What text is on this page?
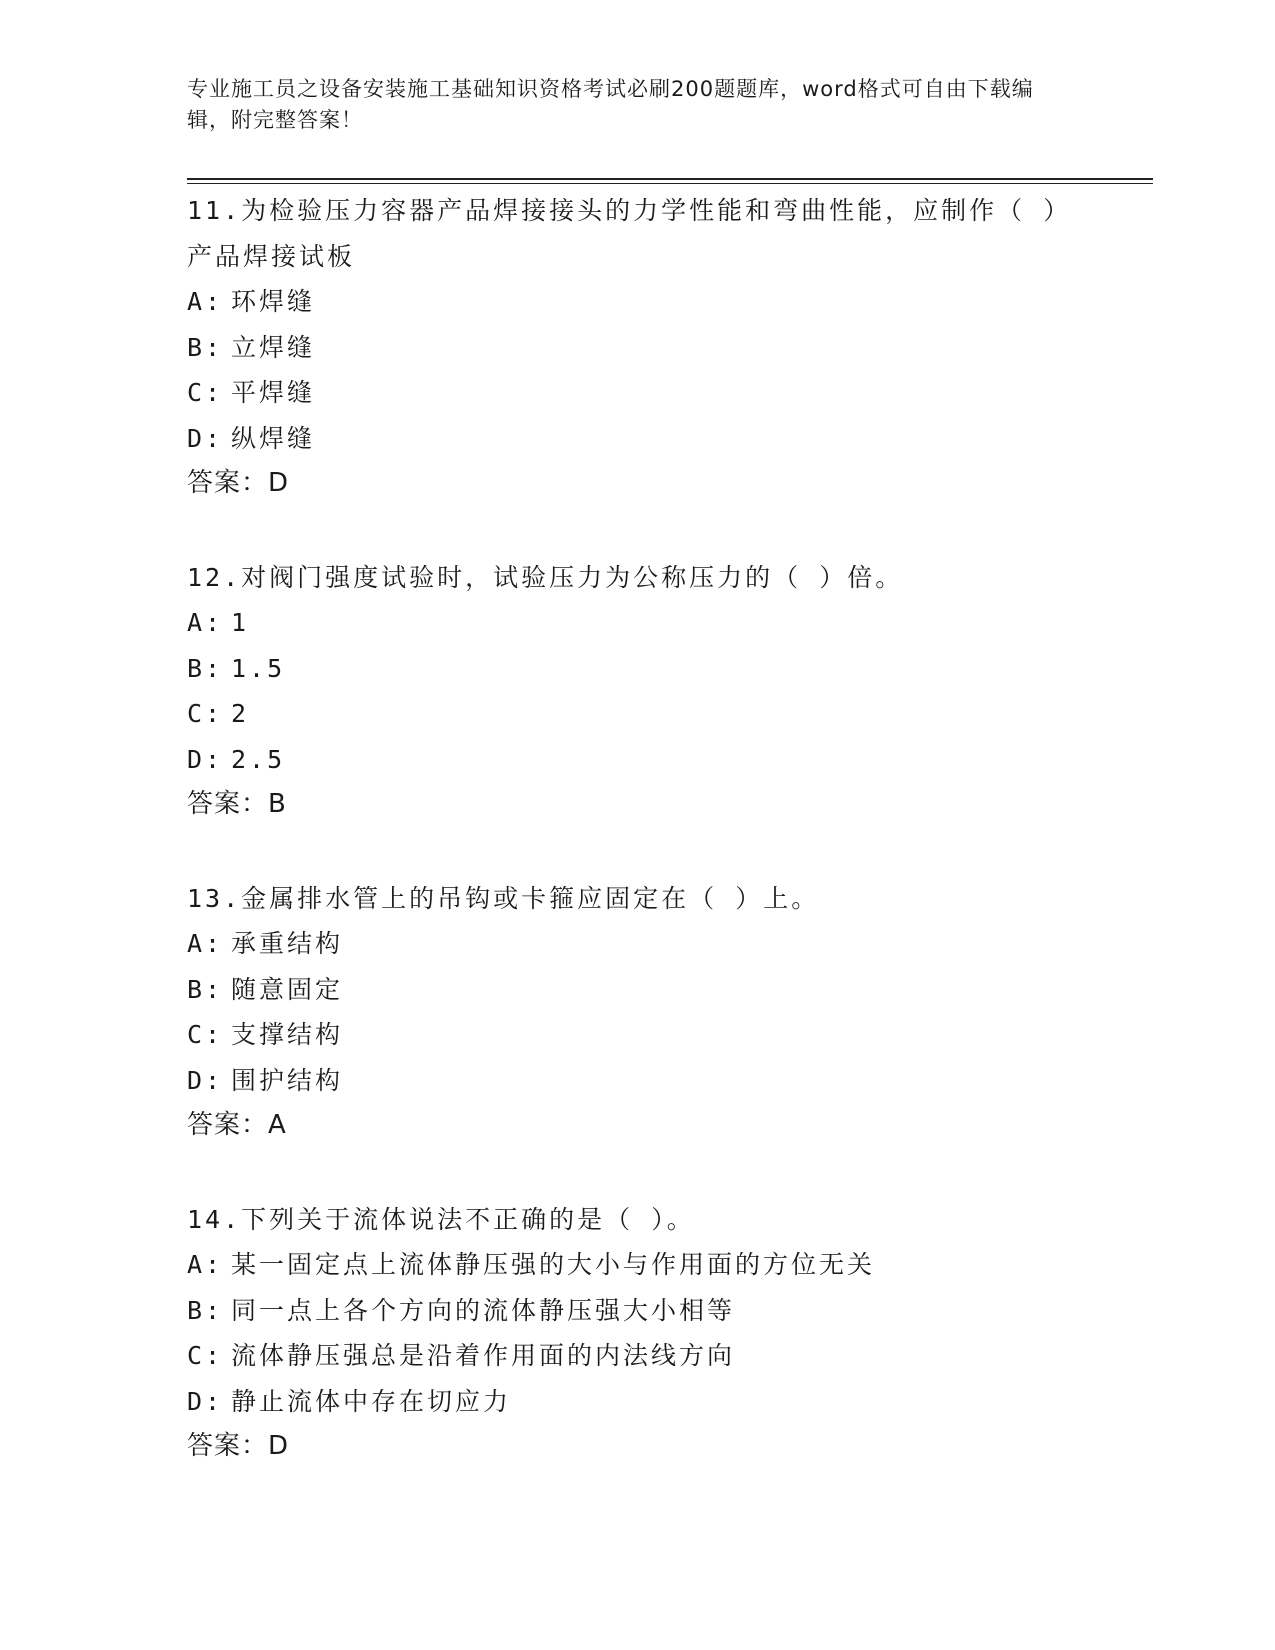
专业施工员之设备安装施工基础知识资格考试必刷200题题库，word格式可自由下载编辑，附完整答案！

11.为检验压力容器产品焊接接头的力学性能和弯曲性能，应制作（ ）产品焊接试板

A: 环焊缝

B: 立焊缝

C: 平焊缝

D: 纵焊缝

答案：D

12.对阀门强度试验时，试验压力为公称压力的（ ）倍。

A: 1

B: 1.5

C: 2

D: 2.5

答案：B

13.金属排水管上的吊钩或卡箍应固定在（ ）上。

A: 承重结构

B: 随意固定

C: 支撑结构

D: 围护结构

答案：A

14.下列关于流体说法不正确的是（ ）。

A: 某一固定点上流体静压强的大小与作用面的方位无关

B: 同一点上各个方向的流体静压强大小相等

C: 流体静压强总是沿着作用面的内法线方向

D: 静止流体中存在切应力

答案：D
